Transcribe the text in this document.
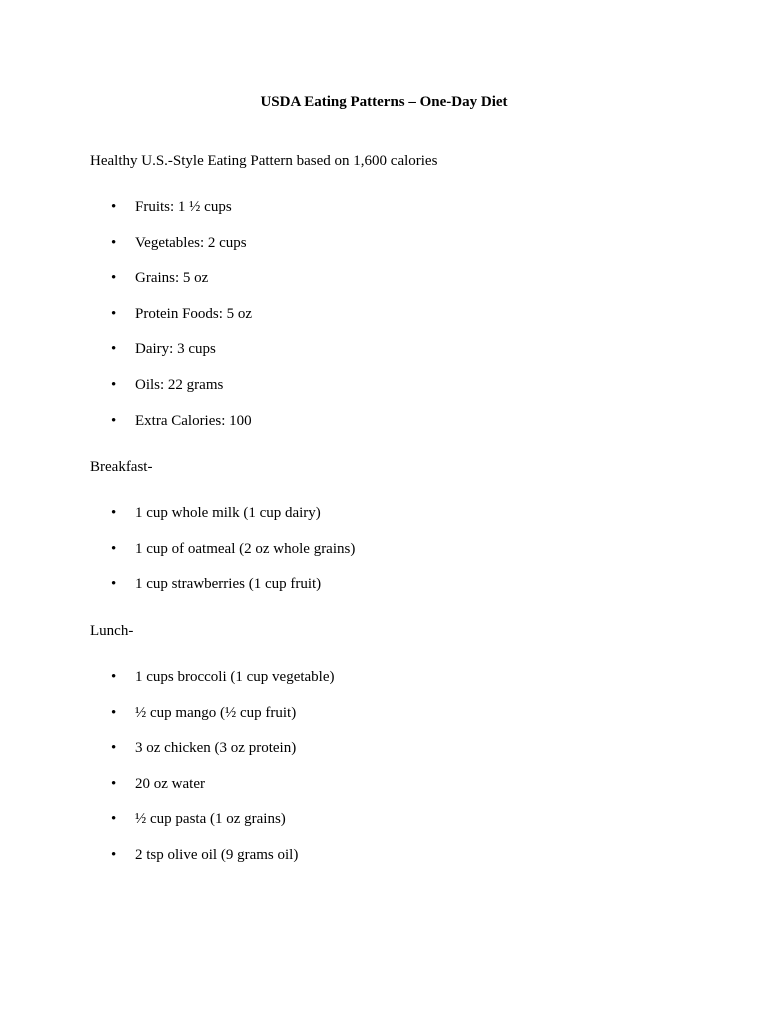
USDA Eating Patterns – One-Day Diet
Healthy U.S.-Style Eating Pattern based on 1,600 calories
• Fruits: 1 ½ cups
• Vegetables: 2 cups
• Grains: 5 oz
• Protein Foods: 5 oz
• Dairy: 3 cups
• Oils: 22 grams
• Extra Calories: 100
Breakfast-
• 1 cup whole milk (1 cup dairy)
• 1 cup of oatmeal (2 oz whole grains)
• 1 cup strawberries (1 cup fruit)
Lunch-
• 1 cups broccoli (1 cup vegetable)
• ½ cup mango (½ cup fruit)
• 3 oz chicken (3 oz protein)
• 20 oz water
• ½ cup pasta (1 oz grains)
• 2 tsp olive oil (9 grams oil)
